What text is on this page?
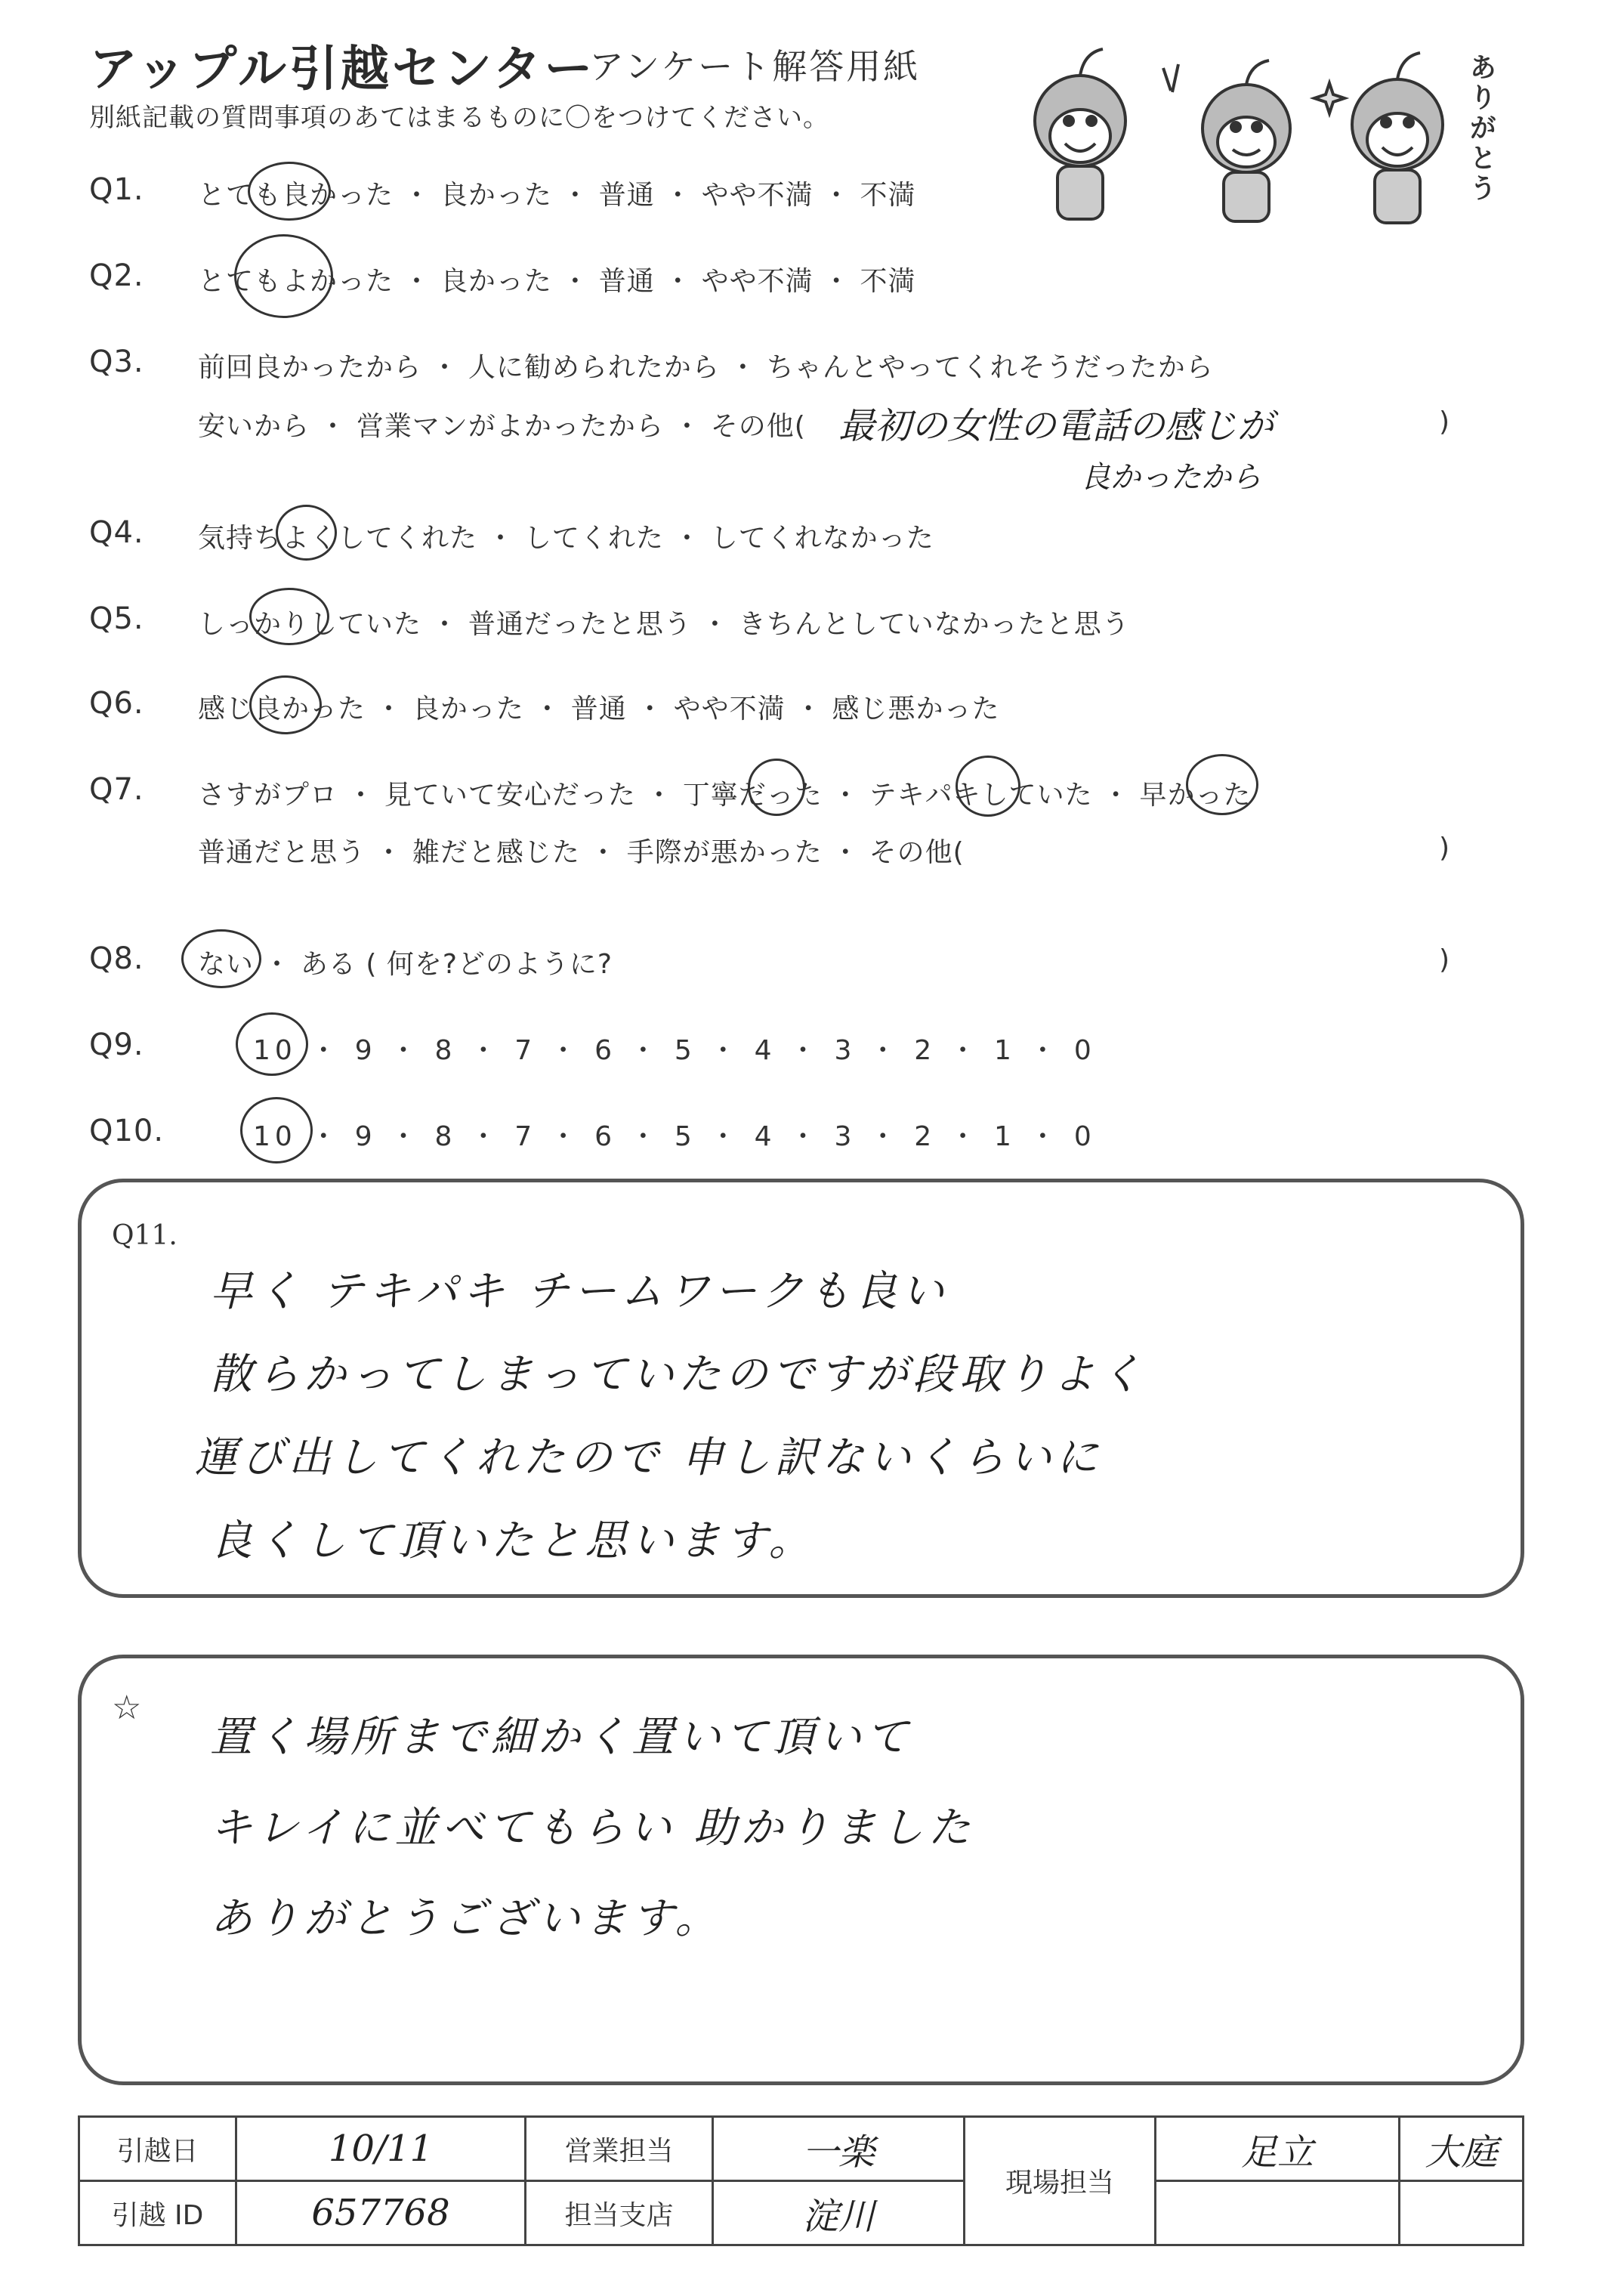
アップル引越センター
アンケート解答用紙
別紙記載の質問事項のあてはまるものに〇をつけてください。	ありがとう
Q1. とても良かった ・ 良かった ・ 普通 ・ やや不満 ・ 不満
Q2. とてもよかった ・ 良かった ・ 普通 ・ やや不満 ・ 不満
Q3. 前回良かったから ・ 人に勧められたから ・ ちゃんとやってくれそうだったから
安いから ・ 営業マンがよかったから ・ その他(	)
最初の女性の電話の感じが
良かったから
Q4. 気持ちよくしてくれた ・ してくれた ・ してくれなかった
Q5. しっかりしていた ・ 普通だったと思う ・ きちんとしていなかったと思う
Q6. 感じ良かった ・ 良かった ・ 普通 ・ やや不満 ・ 感じ悪かった
Q7. さすがプロ ・ 見ていて安心だった ・ 丁寧だった ・ テキパキしていた ・ 早かった
普通だと思う ・ 雑だと感じた ・ 手際が悪かった ・ その他(	)
Q8. ない ・ ある ( 何を?どのように?	)
Q9.	10 ・ 9 ・ 8 ・ 7 ・ 6 ・ 5 ・ 4 ・ 3 ・ 2 ・ 1 ・ 0
Q10.	10 ・ 9 ・ 8 ・ 7 ・ 6 ・ 5 ・ 4 ・ 3 ・ 2 ・ 1 ・ 0
Q11.
早く テキパキ チームワークも良い
散らかってしまっていたのですが段取りよく
運び出してくれたので 申し訳ないくらいに
良くして頂いたと思います。
☆
置く場所まで細かく置いて頂いて
キレイに並べてもらい 助かりました
ありがとうございます。
引越日	10/11	営業担当	一楽	現場担当	足立	大庭
引越 ID	657768	担当支店	淀川			
